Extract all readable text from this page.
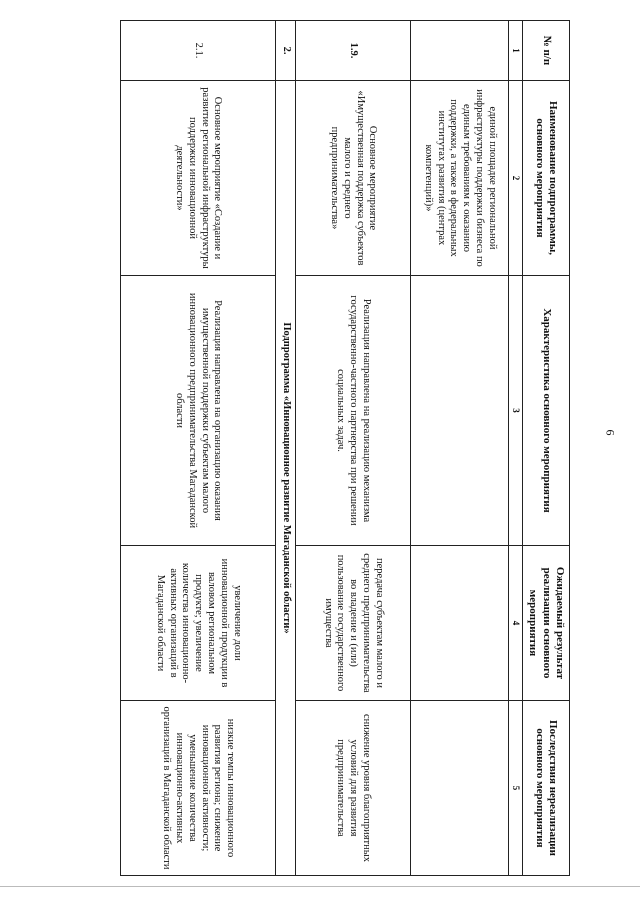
№ п/п	Наименование подпрограммы, основного мероприятия	Характеристика основного мероприятия	Ожидаемый результат реализации основного мероприятия	Последствия нереализации основного мероприятия
1	2	3	4	5
	единой площадке региональной инфраструктуры поддержки бизнеса по единым требованиям к оказанию поддержки, а также в федеральных институтах развития (центрах компетенций)»			
1.9.	Основное мероприятие «Имущественная поддержка субъектов малого и среднего предпринимательства»	Реализация направлена на реализацию механизма государственно-частного партнерства при решении социальных задач.	передача субъектам малого и среднего предпринимательства во владение и (или) пользование государственного имущества	снижение уровня благоприятных условий для развития предпринимательства
2.	Подпрограмма «Инновационное развитие Магаданской области»			
2.1.	Основное мероприятие «Создание и развитие региональной инфраструктуры поддержки инновационной деятельности»	Реализация направлена на организацию оказания имущественной поддержки субъектам малого инновационного предпринимательства Магаданской области	увеличение доли инновационной продукции в валовом региональном продукте; увеличение количества инновационно-активных организаций в Магаданской области	низкие темпы инновационного развития региона; снижение инновационной активности; уменьшение количества инновационно-активных организаций в Магаданской области
6
